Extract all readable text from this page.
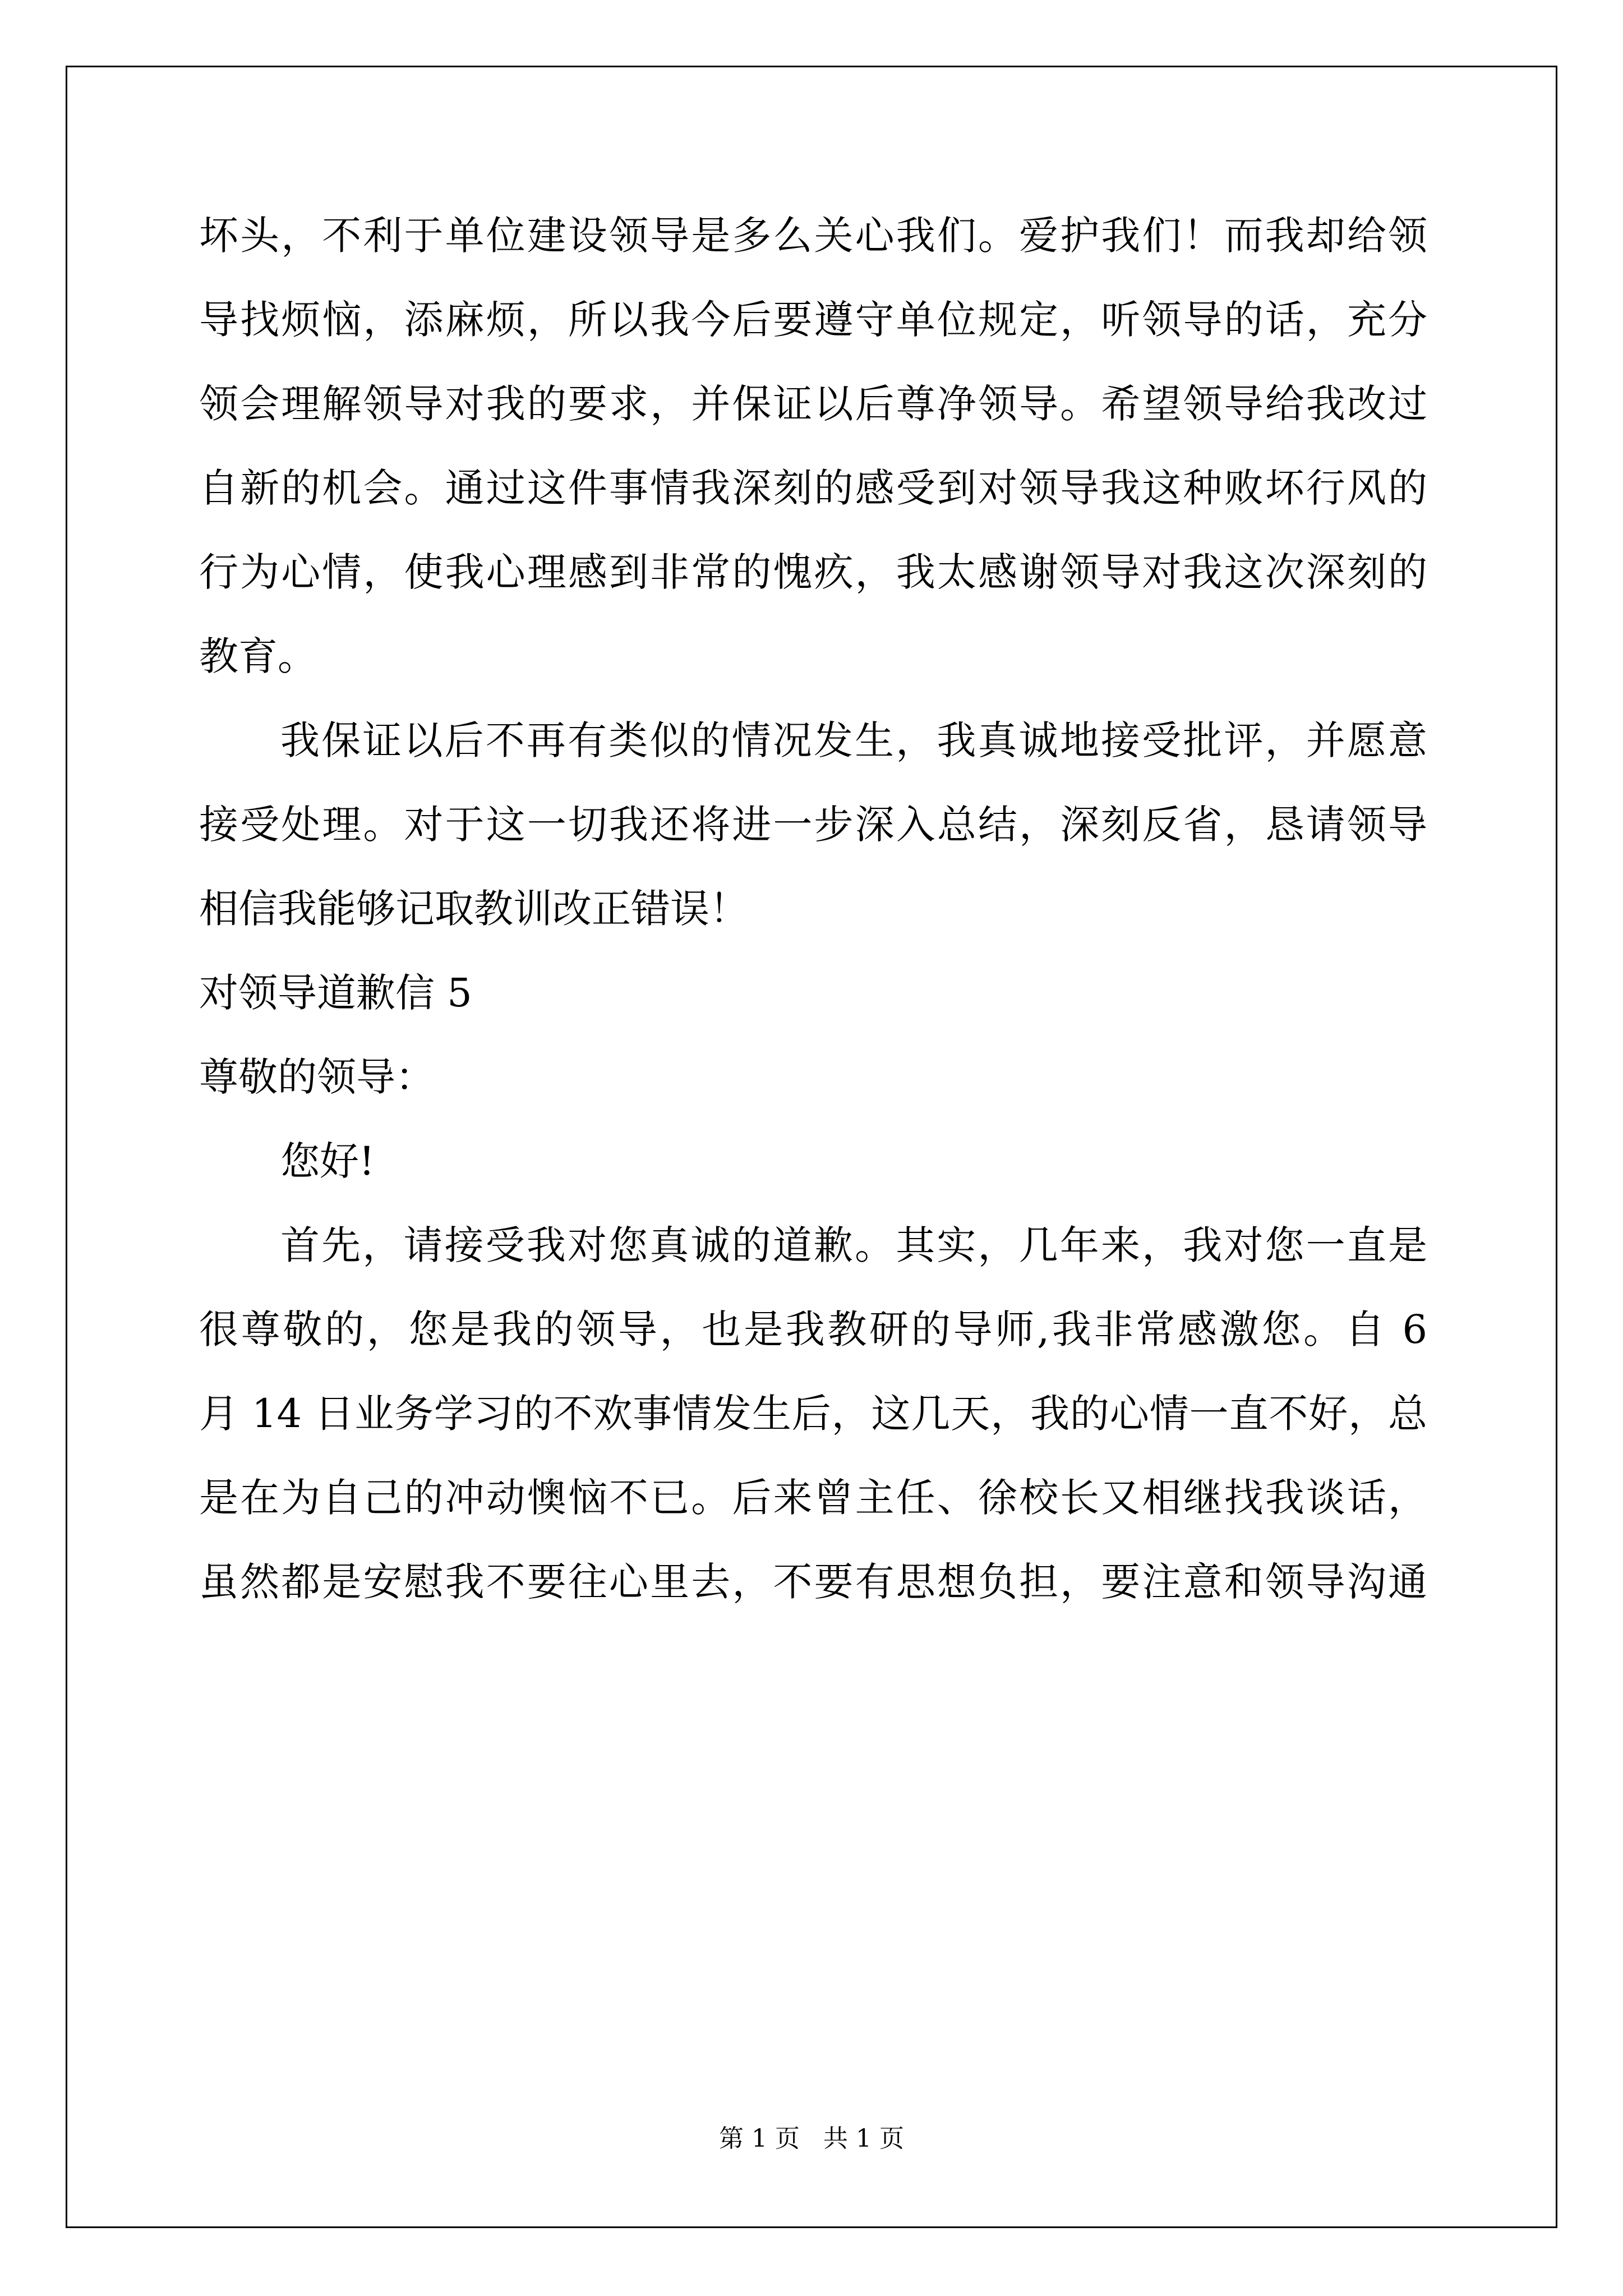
坏头，不利于单位建设领导是多么关心我们。爱护我们！而我却给领
导找烦恼，添麻烦，所以我今后要遵守单位规定，听领导的话，充分
领会理解领导对我的要求，并保证以后尊净领导。希望领导给我改过
自新的机会。通过这件事情我深刻的感受到对领导我这种败坏行风的
行为心情，使我心理感到非常的愧疚，我太感谢领导对我这次深刻的
教育。
我保证以后不再有类似的情况发生，我真诚地接受批评，并愿意
接受处理。对于这一切我还将进一步深入总结，深刻反省，恳请领导
相信我能够记取教训改正错误！
对领导道歉信 5
尊敬的领导：
您好!
首先，请接受我对您真诚的道歉。其实，几年来，我对您一直是
很尊敬的，您是我的领导，也是我教研的导师,我非常感激您。自 6
月 14 日业务学习的不欢事情发生后，这几天，我的心情一直不好，总
是在为自己的冲动懊恼不已。后来曾主任、徐校长又相继找我谈话，
虽然都是安慰我不要往心里去，不要有思想负担，要注意和领导沟通
第 1 页   共 1 页
